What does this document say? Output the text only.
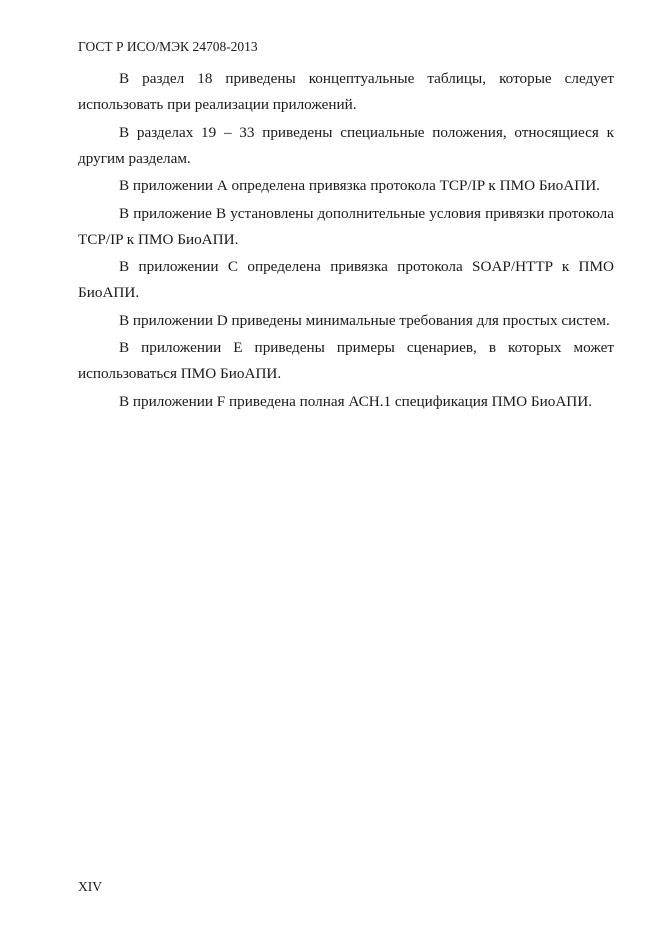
ГОСТ Р ИСО/МЭК 24708-2013

В раздел 18 приведены концептуальные таблицы, которые следует использовать при реализации приложений.

В разделах 19 – 33 приведены специальные положения, относящиеся к другим разделам.

В приложении А определена привязка протокола TCP/IP к ПМО БиоАПИ.

В приложение В установлены дополнительные условия привязки протокола TCP/IP к ПМО БиоАПИ.

В приложении С определена привязка протокола SOAP/HTTP к ПМО БиоАПИ.

В приложении D приведены минимальные требования для простых систем.

В приложении Е приведены примеры сценариев, в которых может использоваться ПМО БиоАПИ.

В приложении F приведена полная АСН.1 спецификация ПМО БиоАПИ.

XIV
